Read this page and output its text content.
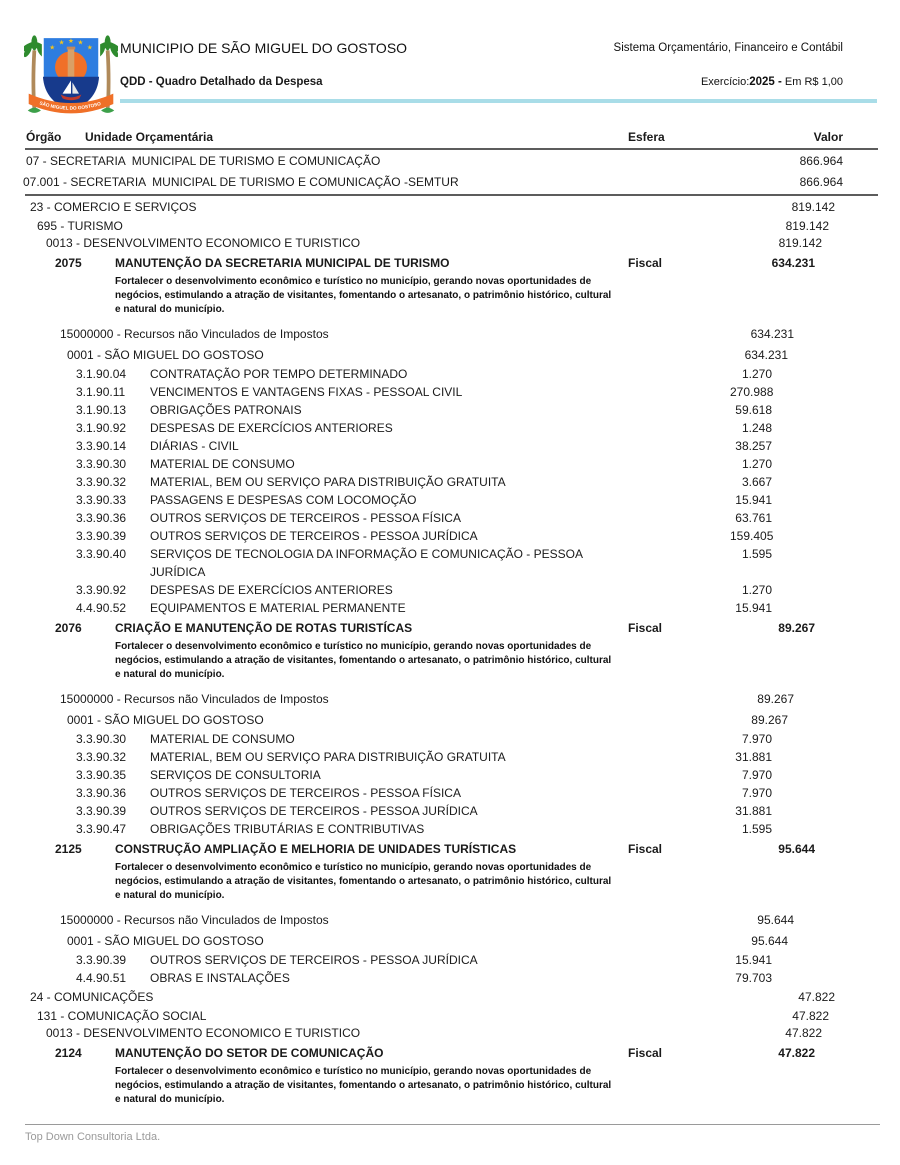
★
★ ★ ★
★
SÃO MIGUEL DO GOSTOSO
MUNICIPIO DE SÃO MIGUEL DO GOSTOSO	Sistema Orçamentário, Financeiro e Contábil
QDD - Quadro Detalhado da Despesa	Exercício:2025 - Em R$ 1,00
Órgão Unidade Orçamentária	Esfera	Valor
07 - SECRETARIA  MUNICIPAL DE TURISMO E COMUNICAÇÃO	866.964
07.001 - SECRETARIA  MUNICIPAL DE TURISMO E COMUNICAÇÃO -SEMTUR	866.964
23 - COMERCIO E SERVIÇOS	819.142
695 - TURISMO	819.142
0013 - DESENVOLVIMENTO ECONOMICO E TURISTICO	819.142
2075	MANUTENÇÃO DA SECRETARIA MUNICIPAL DE TURISMO	Fiscal	634.231
Fortalecer o desenvolvimento econômico e turístico no município, gerando novas oportunidades de negócios, estimulando a atração de visitantes, fomentando o artesanato, o patrimônio histórico, cultural e natural do município.
15000000 - Recursos não Vinculados de Impostos	634.231
0001 - SÃO MIGUEL DO GOSTOSO	634.231
3.1.90.04	CONTRATAÇÃO POR TEMPO DETERMINADO	1.270
3.1.90.11	VENCIMENTOS E VANTAGENS FIXAS - PESSOAL CIVIL	270.988
3.1.90.13	OBRIGAÇÕES PATRONAIS	59.618
3.1.90.92	DESPESAS DE EXERCÍCIOS ANTERIORES	1.248
3.3.90.14	DIÁRIAS - CIVIL	38.257
3.3.90.30	MATERIAL DE CONSUMO	1.270
3.3.90.32	MATERIAL, BEM OU SERVIÇO PARA DISTRIBUIÇÃO GRATUITA	3.667
3.3.90.33	PASSAGENS E DESPESAS COM LOCOMOÇÃO	15.941
3.3.90.36	OUTROS SERVIÇOS DE TERCEIROS - PESSOA FÍSICA	63.761
3.3.90.39	OUTROS SERVIÇOS DE TERCEIROS - PESSOA JURÍDICA	159.405
3.3.90.40	SERVIÇOS DE TECNOLOGIA DA INFORMAÇÃO E COMUNICAÇÃO - PESSOA JURÍDICA
1.595
3.3.90.92	DESPESAS DE EXERCÍCIOS ANTERIORES	1.270
4.4.90.52	EQUIPAMENTOS E MATERIAL PERMANENTE	15.941
2076	CRIAÇÃO E MANUTENÇÃO DE ROTAS TURISTÍCAS	Fiscal	89.267
Fortalecer o desenvolvimento econômico e turístico no município, gerando novas oportunidades de negócios, estimulando a atração de visitantes, fomentando o artesanato, o patrimônio histórico, cultural e natural do município.
15000000 - Recursos não Vinculados de Impostos	89.267
0001 - SÃO MIGUEL DO GOSTOSO	89.267
3.3.90.30	MATERIAL DE CONSUMO	7.970
3.3.90.32	MATERIAL, BEM OU SERVIÇO PARA DISTRIBUIÇÃO GRATUITA	31.881
3.3.90.35	SERVIÇOS DE CONSULTORIA	7.970
3.3.90.36	OUTROS SERVIÇOS DE TERCEIROS - PESSOA FÍSICA	7.970
3.3.90.39	OUTROS SERVIÇOS DE TERCEIROS - PESSOA JURÍDICA	31.881
3.3.90.47	OBRIGAÇÕES TRIBUTÁRIAS E CONTRIBUTIVAS	1.595
2125	CONSTRUÇÃO AMPLIAÇÃO E MELHORIA DE UNIDADES TURÍSTICAS	Fiscal	95.644
Fortalecer o desenvolvimento econômico e turístico no município, gerando novas oportunidades de negócios, estimulando a atração de visitantes, fomentando o artesanato, o patrimônio histórico, cultural e natural do município.
15000000 - Recursos não Vinculados de Impostos	95.644
0001 - SÃO MIGUEL DO GOSTOSO	95.644
3.3.90.39	OUTROS SERVIÇOS DE TERCEIROS - PESSOA JURÍDICA	15.941
4.4.90.51	OBRAS E INSTALAÇÕES	79.703
24 - COMUNICAÇÕES	47.822
131 - COMUNICAÇÃO SOCIAL	47.822
0013 - DESENVOLVIMENTO ECONOMICO E TURISTICO	47.822
2124	MANUTENÇÃO DO SETOR DE COMUNICAÇÃO	Fiscal	47.822
Fortalecer o desenvolvimento econômico e turístico no município, gerando novas oportunidades de negócios, estimulando a atração de visitantes, fomentando o artesanato, o patrimônio histórico, cultural e natural do município.
Top Down Consultoria Ltda.
